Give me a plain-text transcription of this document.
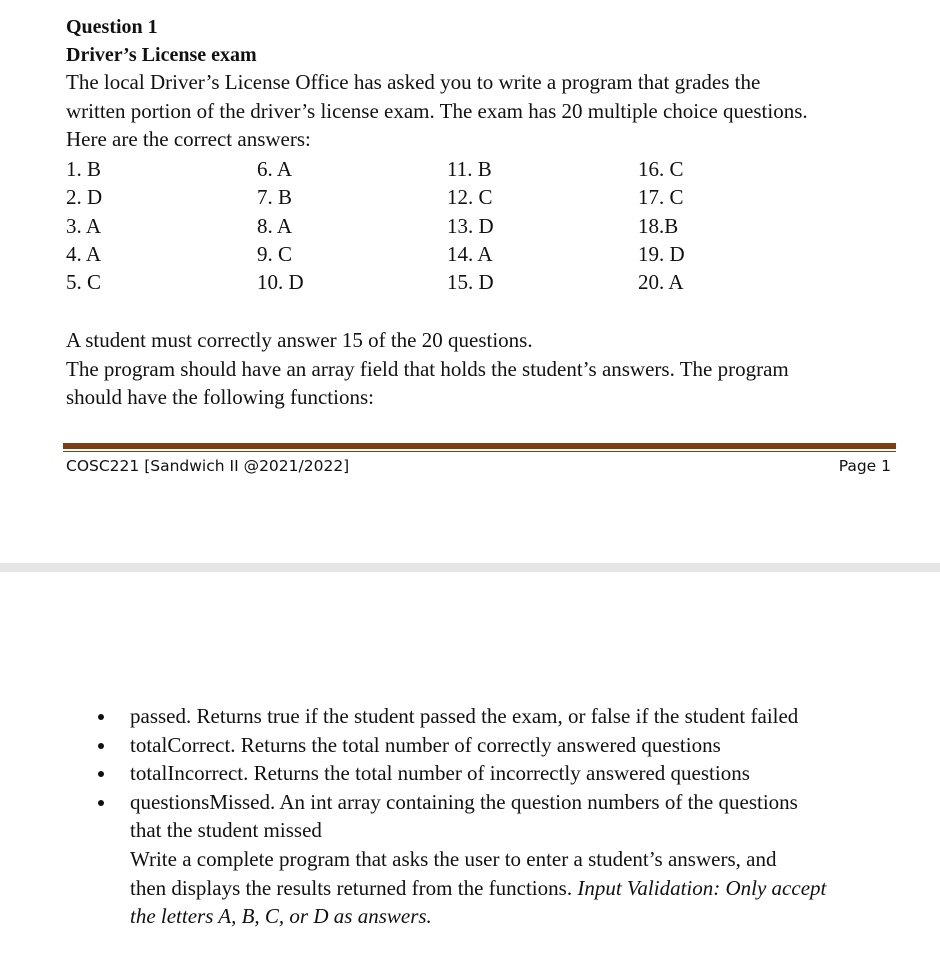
Question 1
Driver’s License exam
The local Driver’s License Office has asked you to write a program that grades the
written portion of the driver’s license exam. The exam has 20 multiple choice questions.
Here are the correct answers:
1. B
2. D
3. A
4. A
5. C
6. A
7. B
8. A
9. C
10. D
11. B
12. C
13. D
14. A
15. D
16. C
17. C
18.B
19. D
20. A
A student must correctly answer 15 of the 20 questions.
The program should have an array field that holds the student’s answers. The program
should have the following functions:
COSC221 [Sandwich II @2021/2022]	Page 1
passed. Returns true if the student passed the exam, or false if the student failed
totalCorrect. Returns the total number of correctly answered questions
totalIncorrect. Returns the total number of incorrectly answered questions
questionsMissed. An int array containing the question numbers of the questions
that the student missed
Write a complete program that asks the user to enter a student’s answers, and
then displays the results returned from the functions. Input Validation: Only accept
the letters A, B, C, or D as answers.
